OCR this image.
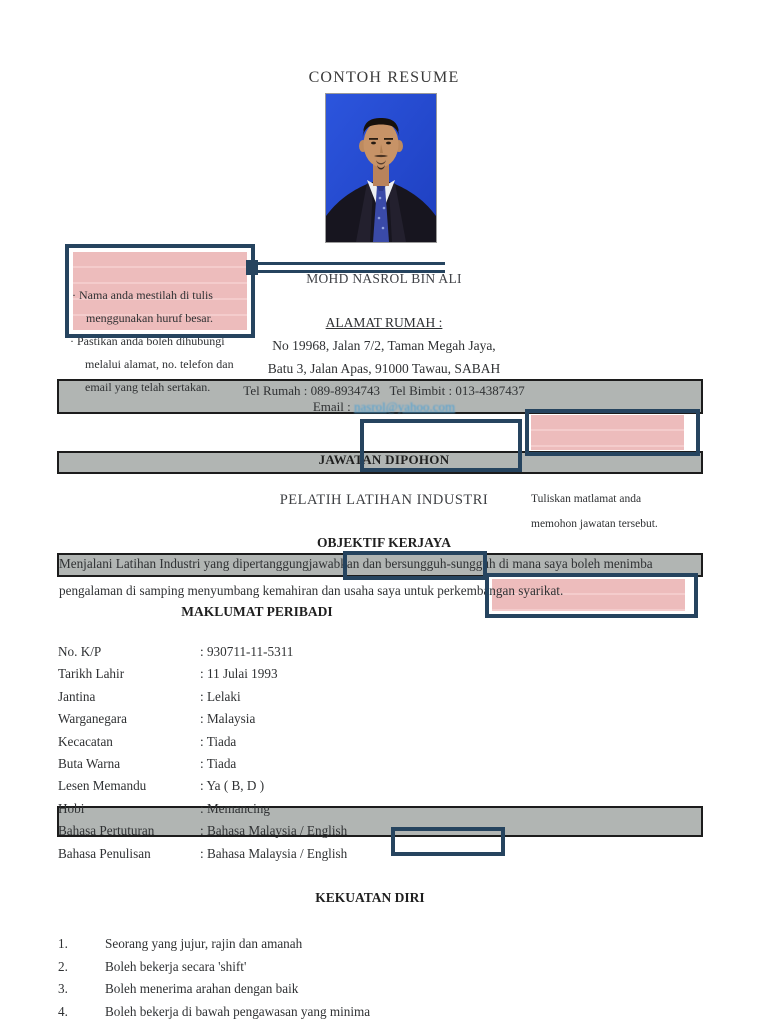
CONTOH RESUME
MOHD NASROL BIN ALI
ALAMAT RUMAH :
No 19968, Jalan 7/2, Taman Megah Jaya,
Batu 3, Jalan Apas, 91000 Tawau, SABAH
Tel Rumah : 089-8934743   Tel Bimbit : 013-4387437
Email : nasrol@yahoo.com
JAWATAN DIPOHON
PELATIH LATIHAN INDUSTRI	Tuliskan matlamat anda
memohon jawatan tersebut.
OBJEKTIF KERJAYA
Menjalani Latihan Industri yang dipertanggungjawabkan dan bersungguh-sungguh di mana saya boleh menimba
pengalaman di samping menyumbang kemahiran dan usaha saya untuk perkembangan syarikat.
MAKLUMAT PERIBADI
No. K/P	: 930711-11-5311
Tarikh Lahir	: 11 Julai 1993
Jantina	: Lelaki
Warganegara	: Malaysia
Kecacatan	: Tiada
Buta Warna	: Tiada
Lesen Memandu	: Ya ( B, D )
Hobi	: Memancing
Bahasa Pertuturan	: Bahasa Malaysia / English
Bahasa Penulisan	: Bahasa Malaysia / English
KEKUATAN DIRI
1.	Seorang yang jujur, rajin dan amanah
2.	Boleh bekerja secara 'shift'
3.	Boleh menerima arahan dengan baik
4.	Boleh bekerja di bawah pengawasan yang minima
· Nama anda mestilah di tulis
menggunakan huruf besar.
· Pastikan anda boleh dihubungi
melalui alamat, no. telefon dan
email yang telah sertakan.
